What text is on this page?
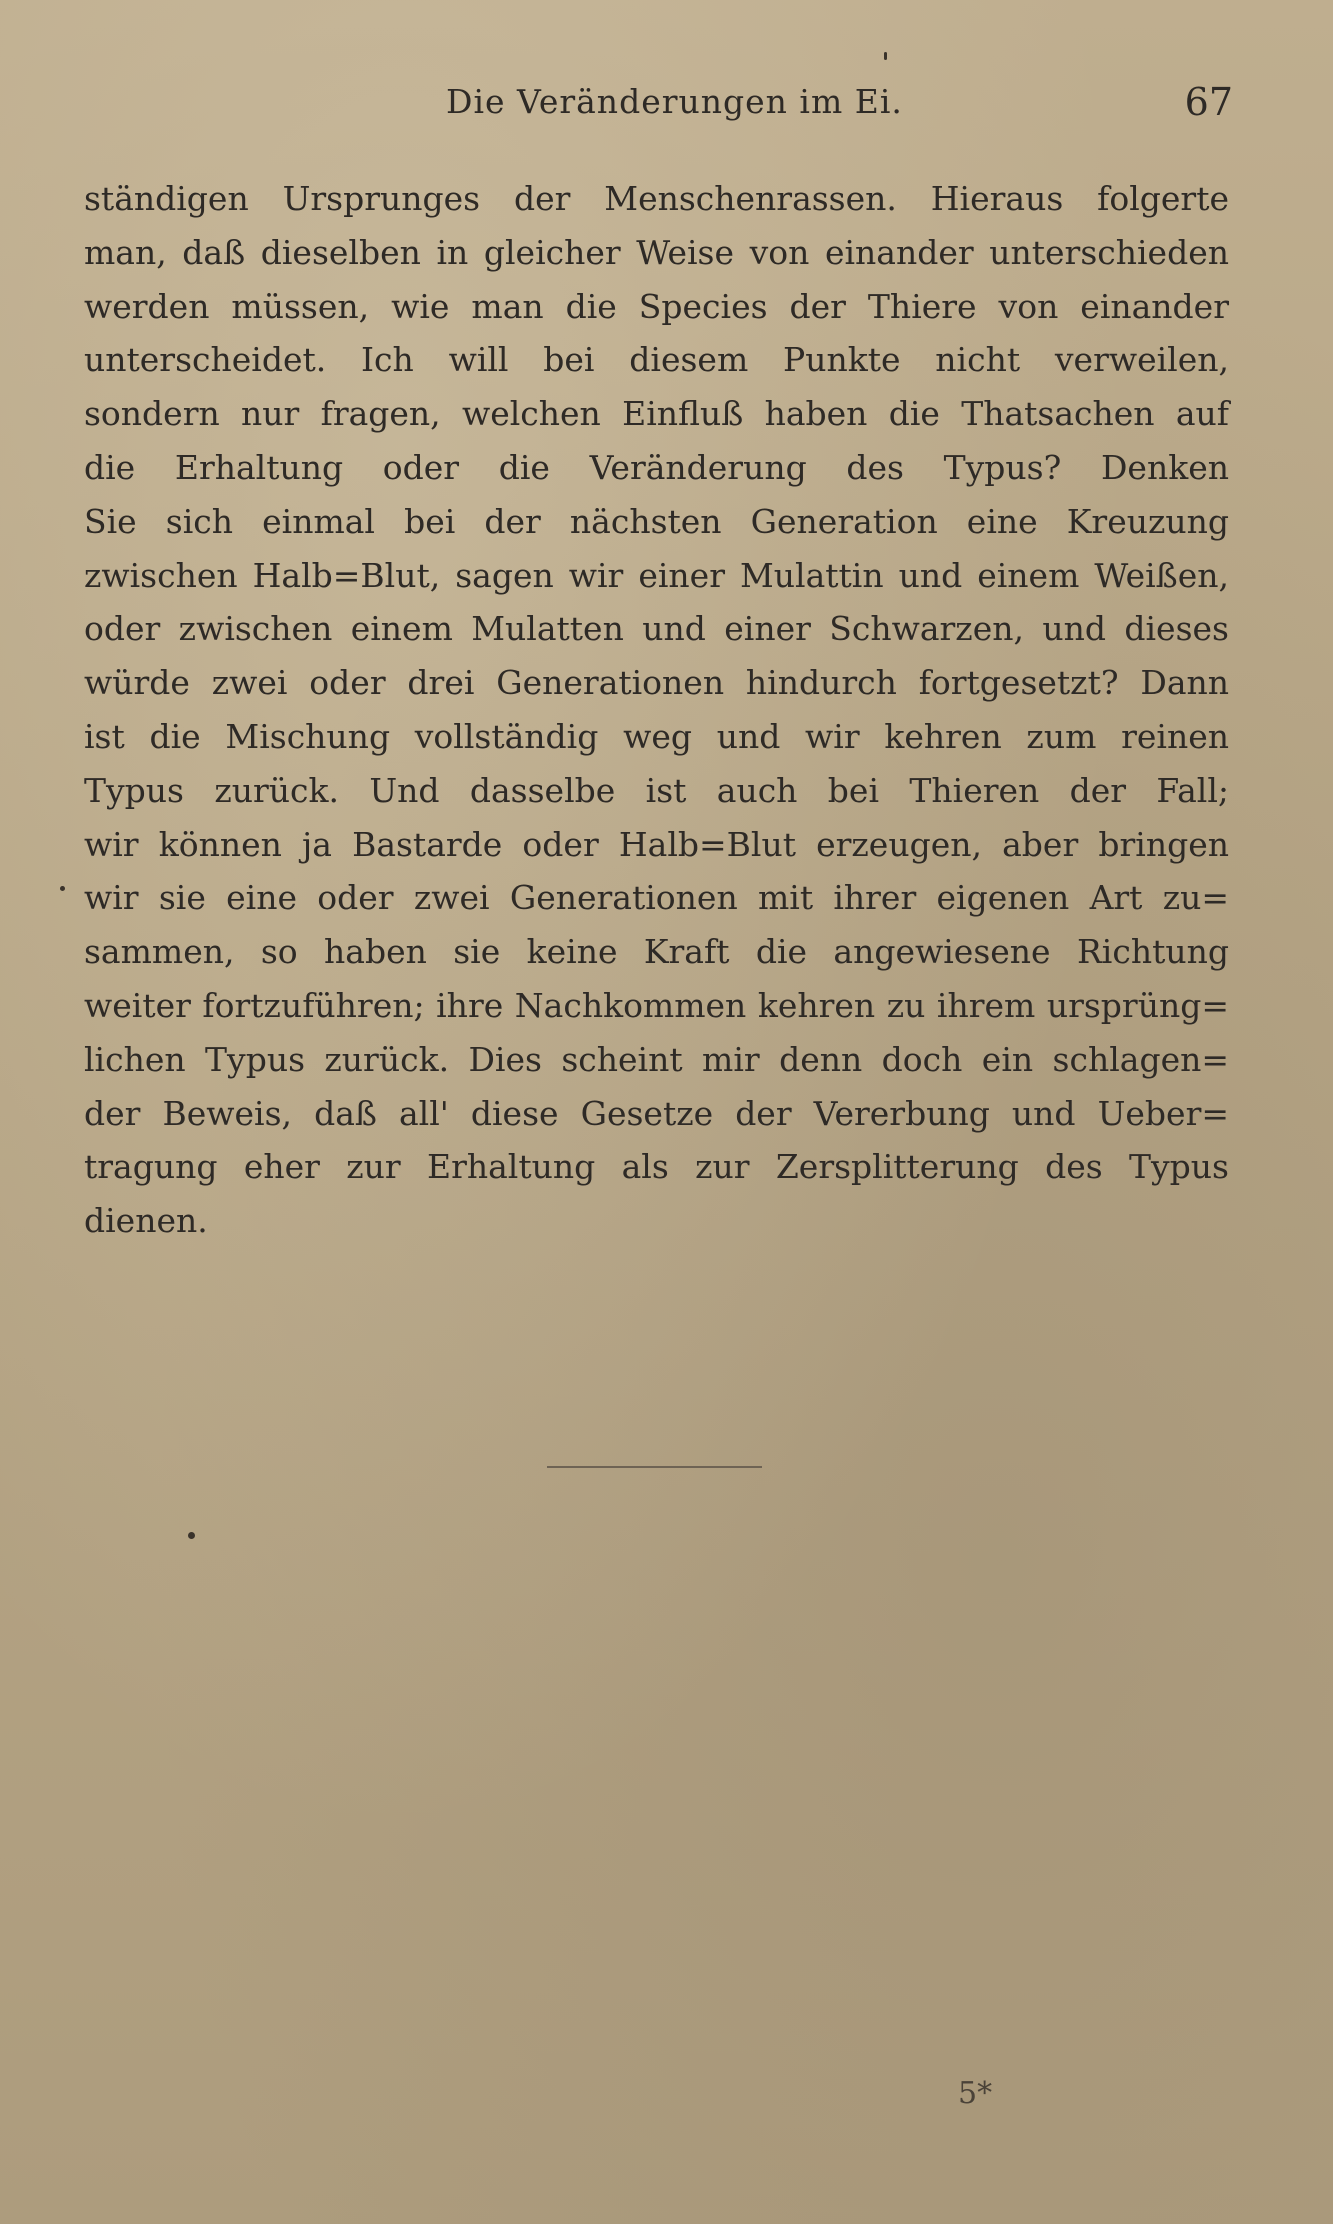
Die Veränderungen im Ei.	67
ständigen Ursprunges der Menschenrassen. Hieraus folgerte
man, daß dieselben in gleicher Weise von einander unterschieden
werden müssen, wie man die Species der Thiere von einander
unterscheidet. Ich will bei diesem Punkte nicht verweilen,
sondern nur fragen, welchen Einfluß haben die Thatsachen auf
die Erhaltung oder die Veränderung des Typus? Denken
Sie sich einmal bei der nächsten Generation eine Kreuzung
zwischen Halb=Blut, sagen wir einer Mulattin und einem Weißen,
oder zwischen einem Mulatten und einer Schwarzen, und dieses
würde zwei oder drei Generationen hindurch fortgesetzt? Dann
ist die Mischung vollständig weg und wir kehren zum reinen
Typus zurück. Und dasselbe ist auch bei Thieren der Fall;
wir können ja Bastarde oder Halb=Blut erzeugen, aber bringen
wir sie eine oder zwei Generationen mit ihrer eigenen Art zu=
sammen, so haben sie keine Kraft die angewiesene Richtung
weiter fortzuführen; ihre Nachkommen kehren zu ihrem ursprüng=
lichen Typus zurück. Dies scheint mir denn doch ein schlagen=
der Beweis, daß all' diese Gesetze der Vererbung und Ueber=
tragung eher zur Erhaltung als zur Zersplitterung des Typus
dienen.
5*
